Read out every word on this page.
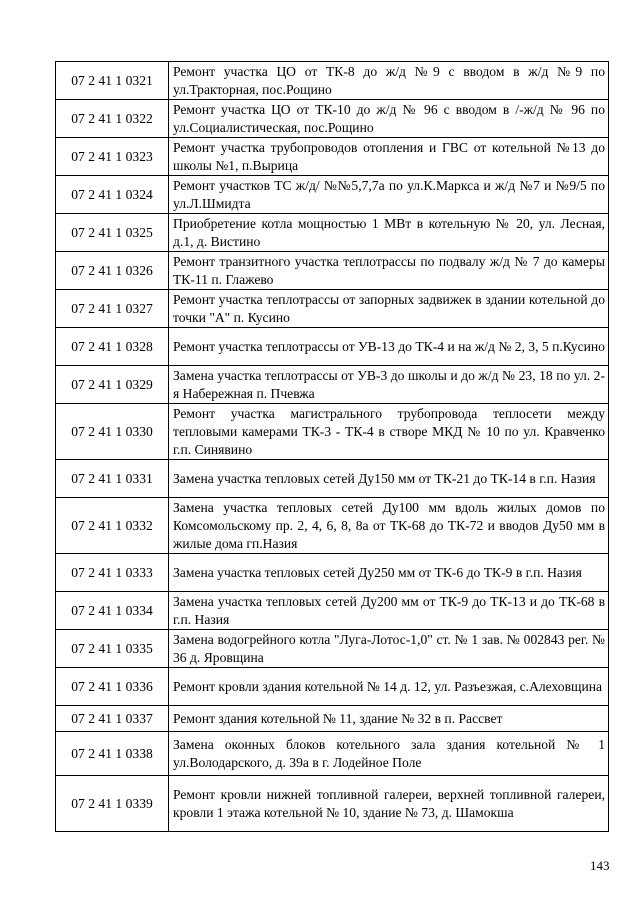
07 2 41 1 0321	Ремонт участка ЦО от ТК-8 до ж/д №9 с вводом в ж/д №9 по ул.Тракторная, пос.Рощино
07 2 41 1 0322	Ремонт участка ЦО от ТК-10 до ж/д № 96 с вводом в /-ж/д № 96 по ул.Социалистическая, пос.Рощино
07 2 41 1 0323	Ремонт участка трубопроводов отопления и ГВС от котельной №13 до школы №1, п.Вырица
07 2 41 1 0324	Ремонт участков ТС ж/д/ №№5,7,7а по ул.К.Маркса и ж/д №7 и №9/5 по ул.Л.Шмидта
07 2 41 1 0325	Приобретение котла мощностью 1 МВт в котельную № 20, ул. Лесная, д.1, д. Вистино
07 2 41 1 0326	Ремонт транзитного участка теплотрассы по подвалу ж/д № 7 до камеры ТК-11 п. Глажево
07 2 41 1 0327	Ремонт участка теплотрассы от запорных задвижек в здании котельной до точки "А" п. Кусино
07 2 41 1 0328	Ремонт участка теплотрассы от УВ-13 до ТК-4 и на ж/д № 2, 3, 5 п.Кусино
07 2 41 1 0329	Замена участка теплотрассы от УВ-3 до школы и до ж/д № 23, 18 по ул. 2-я Набережная п. Пчевжа
07 2 41 1 0330	Ремонт участка магистрального трубопровода теплосети между тепловыми камерами ТК-3 - ТК-4 в створе МКД № 10 по ул. Кравченко г.п. Синявино
07 2 41 1 0331	Замена участка тепловых сетей Ду150 мм от ТК-21 до ТК-14 в г.п. Назия
07 2 41 1 0332	Замена участка тепловых сетей Ду100 мм вдоль жилых домов по Комсомольскому пр. 2, 4, 6, 8, 8а от ТК-68 до ТК-72 и вводов Ду50 мм в жилые дома гп.Назия
07 2 41 1 0333	Замена участка тепловых сетей Ду250 мм от ТК-6 до ТК-9 в г.п. Назия
07 2 41 1 0334	Замена участка тепловых сетей Ду200 мм от ТК-9 до ТК-13 и до ТК-68 в г.п. Назия
07 2 41 1 0335	Замена водогрейного котла "Луга-Лотос-1,0" ст. № 1 зав. № 002843 рег. № 36 д. Яровщина
07 2 41 1 0336	Ремонт кровли здания котельной № 14 д. 12, ул. Разъезжая, с.Алеховщина
07 2 41 1 0337	Ремонт здания котельной № 11, здание № 32 в п. Рассвет
07 2 41 1 0338	Замена оконных блоков котельного зала здания котельной № 1 ул.Володарского, д. 39а в г. Лодейное Поле
07 2 41 1 0339	Ремонт кровли нижней топливной галереи, верхней топливной галереи, кровли 1 этажа котельной № 10, здание № 73, д. Шамокша
143
